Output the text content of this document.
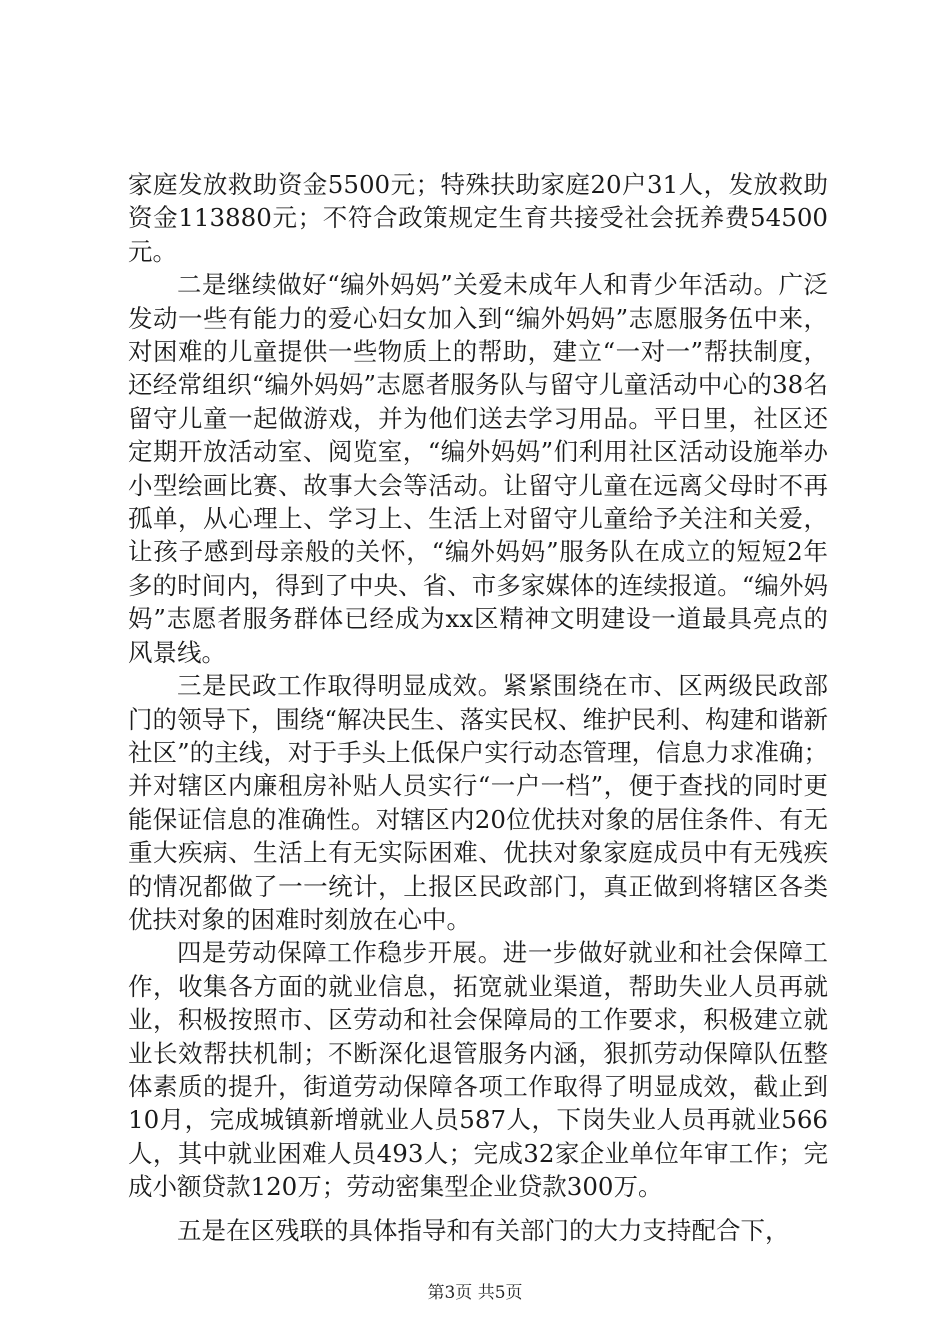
家庭发放救助资金5500元；特殊扶助家庭20户31人，发放救助资金113880元；不符合政策规定生育共接受社会抚养费54500元。

二是继续做好“编外妈妈”关爱未成年人和青少年活动。广泛发动一些有能力的爱心妇女加入到“编外妈妈”志愿服务伍中来，对困难的儿童提供一些物质上的帮助，建立“一对一”帮扶制度，还经常组织“编外妈妈”志愿者服务队与留守儿童活动中心的38名留守儿童一起做游戏，并为他们送去学习用品。平日里，社区还定期开放活动室、阅览室，“编外妈妈”们利用社区活动设施举办小型绘画比赛、故事大会等活动。让留守儿童在远离父母时不再孤单，从心理上、学习上、生活上对留守儿童给予关注和关爱，让孩子感到母亲般的关怀，“编外妈妈”服务队在成立的短短2年多的时间内，得到了中央、省、市多家媒体的连续报道。“编外妈妈”志愿者服务群体已经成为xx区精神文明建设一道最具亮点的风景线。

三是民政工作取得明显成效。紧紧围绕在市、区两级民政部门的领导下，围绕“解决民生、落实民权、维护民利、构建和谐新社区”的主线，对于手头上低保户实行动态管理，信息力求准确；并对辖区内廉租房补贴人员实行“一户一档”，便于查找的同时更能保证信息的准确性。对辖区内20位优扶对象的居住条件、有无重大疾病、生活上有无实际困难、优扶对象家庭成员中有无残疾的情况都做了一一统计，上报区民政部门，真正做到将辖区各类优扶对象的困难时刻放在心中。

四是劳动保障工作稳步开展。进一步做好就业和社会保障工作，收集各方面的就业信息，拓宽就业渠道，帮助失业人员再就业，积极按照市、区劳动和社会保障局的工作要求，积极建立就业长效帮扶机制；不断深化退管服务内涵，狠抓劳动保障队伍整体素质的提升，街道劳动保障各项工作取得了明显成效，截止到10月，完成城镇新增就业人员587人，下岗失业人员再就业566人，其中就业困难人员493人；完成32家企业单位年审工作；完成小额贷款120万；劳动密集型企业贷款300万。

五是在区残联的具体指导和有关部门的大力支持配合下，

第3页 共5页
